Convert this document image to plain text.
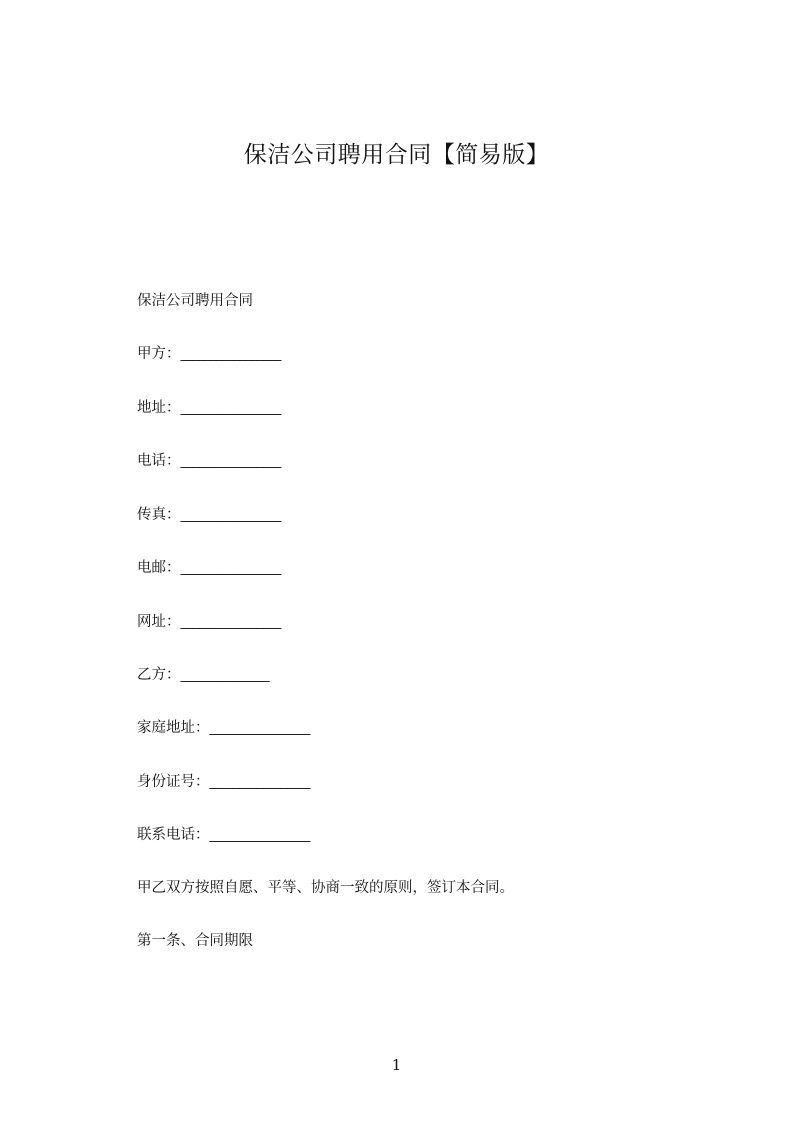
保洁公司聘用合同【简易版】
保洁公司聘用合同
甲方：_________________
地址：_________________
电话：_________________
传真：_________________
电邮：_________________
网址：_________________
乙方：_______________
家庭地址：_________________
身份证号：_________________
联系电话：_________________
甲乙双方按照自愿、平等、协商一致的原则，签订本合同。
第一条、合同期限
1
